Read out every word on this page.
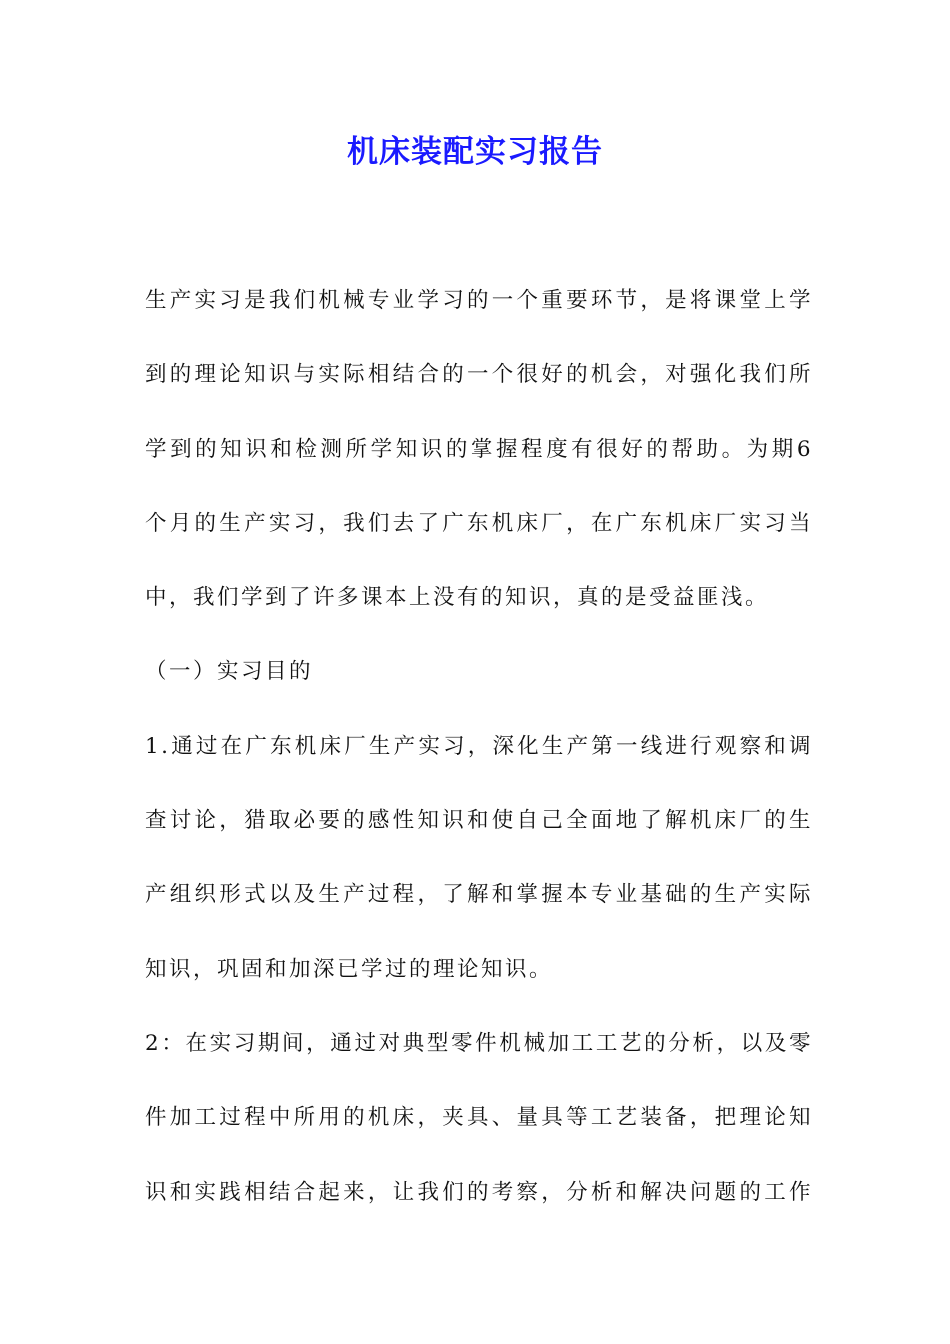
机床装配实习报告
生产实习是我们机械专业学习的一个重要环节，是将课堂上学
到的理论知识与实际相结合的一个很好的机会，对强化我们所
学到的知识和检测所学知识的掌握程度有很好的帮助。为期6
个月的生产实习，我们去了广东机床厂，在广东机床厂实习当
中，我们学到了许多课本上没有的知识，真的是受益匪浅。
（一）实习目的
1.通过在广东机床厂生产实习，深化生产第一线进行观察和调
查讨论，猎取必要的感性知识和使自己全面地了解机床厂的生
产组织形式以及生产过程，了解和掌握本专业基础的生产实际
知识，巩固和加深已学过的理论知识。
2：在实习期间，通过对典型零件机械加工工艺的分析，以及零
件加工过程中所用的机床，夹具、量具等工艺装备，把理论知
识和实践相结合起来，让我们的考察，分析和解决问题的工作
